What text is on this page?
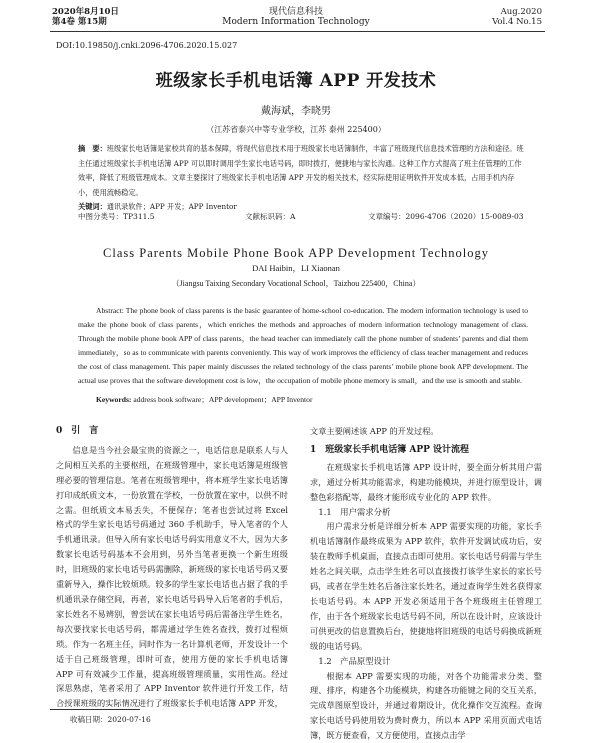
2020年8月10日
第4卷 第15期
现代信息科技
Modern Information Technology
Aug.2020
Vol.4 No.15
DOI:10.19850/j.cnki.2096-4706.2020.15.027
班级家长手机电话簿 APP 开发技术
戴海斌，李晓男
（江苏省泰兴中等专业学校，江苏 泰州 225400）
摘　要：班级家长电话簿是家校共育的基本保障，将现代信息技术用于班级家长电话簿制作，丰富了班级现代信息技术管理的方法和途径。班主任通过班级家长手机电话簿 APP 可以即时调用学生家长电话号码，即时拨打，便捷地与家长沟通。这种工作方式提高了班主任管理的工作效率，降低了班级管理成本。文章主要探讨了班级家长手机电话簿 APP 开发的相关技术，经实际使用证明软件开发成本低，占用手机内存小，使用流畅稳定。
关键词：通讯录软件；APP 开发；APP Inventor
中图分类号：TP311.5	文献标识码：A	文章编号：2096-4706（2020）15-0089-03
Class Parents Mobile Phone Book APP Development Technology
DAI Haibin，LI Xiaonan
（Jiangsu Taixing Secondary Vocational School，Taizhou 225400，China）
Abstract: The phone book of class parents is the basic guarantee of home-school co-education. The modern information technology is used to make the phone book of class parents，which enriches the methods and approaches of modern information technology management of class. Through the mobile phone book APP of class parents，the head teacher can immediately call the phone number of students’ parents and dial them immediately，so as to communicate with parents conveniently. This way of work improves the efficiency of class teacher management and reduces the cost of class management. This paper mainly discusses the related technology of the class parents’ mobile phone book APP development. The actual use proves that the software development cost is low，the occupation of mobile phone memory is small，and the use is smooth and stable.
Keywords: address book software；APP development；APP Inventor
0　引　言

信息是当今社会最宝贵的资源之一，电话信息是联系人与人之间相互关系的主要枢纽，在班级管理中，家长电话簿是班级管理必要的管理信息。笔者在班级管理中，将本班学生家长电话簿打印成纸质文本，一份放置在学校，一份放置在家中，以供不时之需。但纸质文本易丢失，不便保存；笔者也尝试过将 Excel 格式的学生家长电话号码通过 360 手机助手，导入笔者的个人手机通讯录。但导入所有家长电话号码实用意义不大，因为大多数家长电话号码基本不会用到，另外当笔者更换一个新生班级时，旧班级的家长电话号码需删除，新班级的家长电话号码又要重新导入，操作比较烦琐。较多的学生家长电话也占据了我的手机通讯录存储空间，再者，家长电话号码导入后笔者的手机后，家长姓名不易辨别，曾尝试在家长电话号码后需备注学生姓名，每次要找家长电话号码，都需通过学生姓名查找，拨打过程烦琐。作为一名班主任，同时作为一名计算机老师，开发设计一个适于自己班级管理，即时可查，使用方便的家长手机电话簿 APP 可有效减少工作量，提高班级管理质量，实用性高。经过深思熟虑，笔者采用了 APP Inventor 软件进行开发工作，结合授课班级的实际情况进行了班级家长手机电话簿 APP 开发，

文章主要阐述该 APP 的开发过程。
1　班级家长手机电话簿 APP 设计流程

在班级家长手机电话簿 APP 设计时，要全面分析其用户需求，通过分析其功能需求，构建功能模块，并进行原型设计，调整色彩搭配等，最终才能形成专业化的 APP 软件。

1.1　用户需求分析

用户需求分析是详细分析本 APP 需要实现的功能，家长手机电话簿制作最终成果为 APP 软件，软件开发调试成功后，安装在教师手机桌面，直接点击即可使用。家长电话号码需与学生姓名之间关联，点击学生姓名可以直接拨打该学生家长的家长号码，或者在学生姓名后备注家长姓名，通过查询学生姓名获得家长电话号码。本 APP 开发必须适用于各个班级班主任管理工作，由于各个班级家长电话号码不同，所以在设计时，应该设计可供更改的信息置换后台，使捷地将旧班级的电话号码换成新班级的电话号码。

1.2　产品原型设计

根据本 APP 需要实现的功能，对各个功能需求分类、整理、排序，构建各个功能模块，构建各功能键之间的交互关系，完成草图原型设计，并通过着期设计，优化操作交互流程。查询家长电话号码使用较为费时费力，所以本 APP 采用页面式电话簿，既方便查看，又方便使用，直接点击学

收稿日期：2020-07-16
